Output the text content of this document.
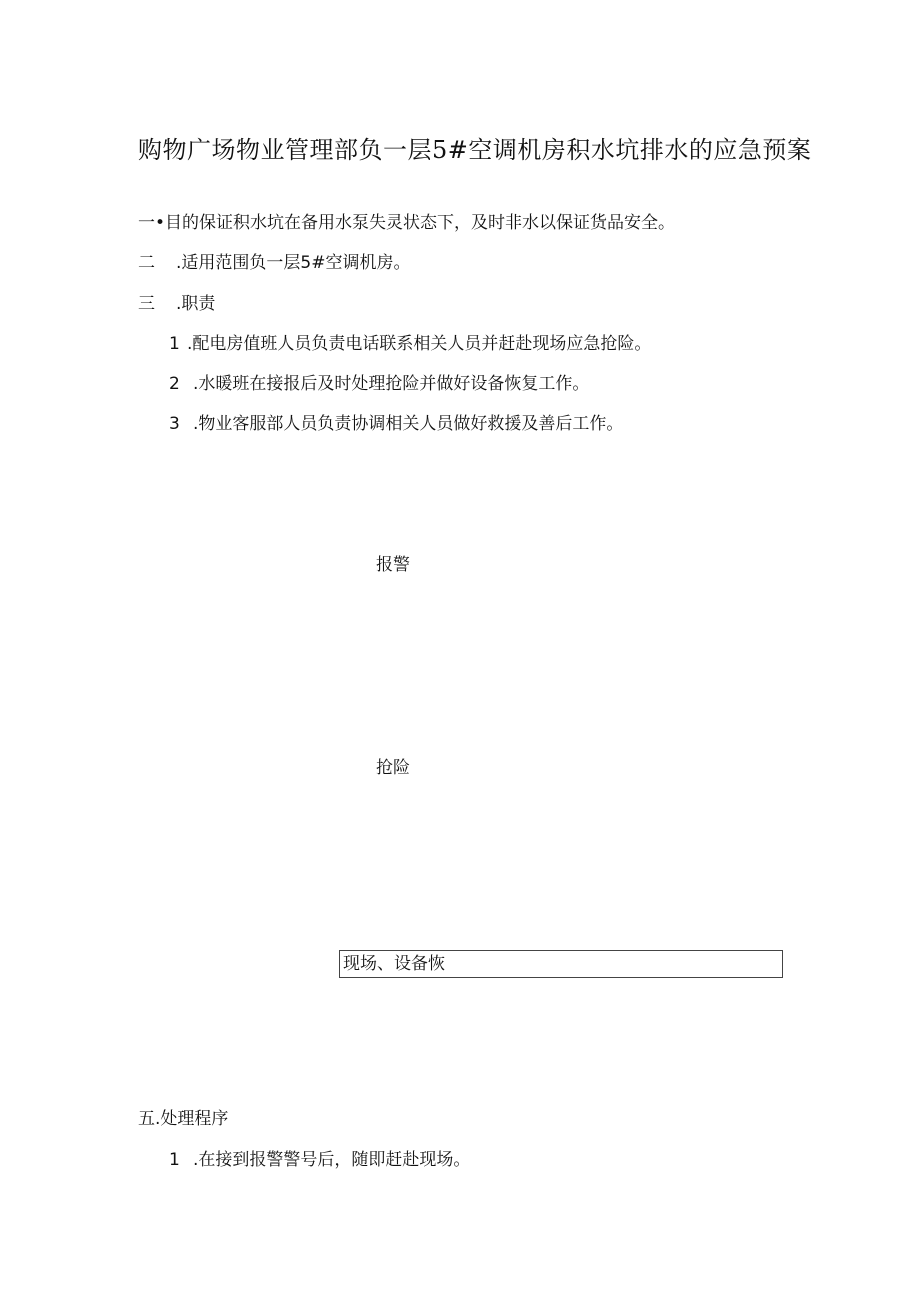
购物广场物业管理部负一层5#空调机房积水坑排水的应急预案
一•目的保证积水坑在备用水泵失灵状态下，及时非水以保证货品安全。
二 .适用范围负一层5#空调机房。
三 .职责
1 .配电房值班人员负责电话联系相关人员并赶赴现场应急抢险。
2 .水暖班在接报后及时处理抢险并做好设备恢复工作。
3 .物业客服部人员负责协调相关人员做好救援及善后工作。
报警
抢险
现场、设备恢
五.处理程序
1 .在接到报警警号后，随即赶赴现场。
